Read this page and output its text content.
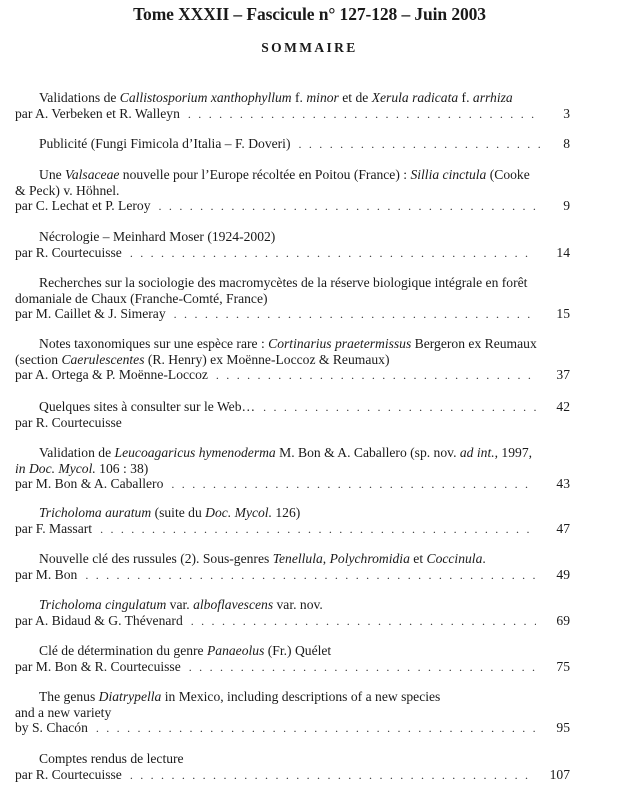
Tome XXXII – Fascicule n° 127-128 – Juin 2003
SOMMAIRE
Validations de Callistosporium xanthophyllum f. minor et de Xerula radicata f. arrhiza
par A. Verbeken et R. Walleyn . . .	3
Publicité (Fungi Fimicola d’Italia – F. Doveri) . . .	8
Une Valsaceae nouvelle pour l’Europe récoltée en Poitou (France) : Sillia cinctula (Cooke
& Peck) v. Höhnel.
par C. Lechat et P. Leroy . . .	9
Nécrologie – Meinhard Moser (1924-2002)
par R. Courtecuisse . . .	14
Recherches sur la sociologie des macromycètes de la réserve biologique intégrale en forêt
domaniale de Chaux (Franche-Comté, France)
par M. Caillet & J. Simeray . . .	15
Notes taxonomiques sur une espèce rare : Cortinarius praetermissus Bergeron ex Reumaux
(section Caerulescentes (R. Henry) ex Moënne-Loccoz & Reumaux)
par A. Ortega & P. Moënne-Loccoz . . .	37
Quelques sites à consulter sur le Web… . . .	42
par R. Courtecuisse
Validation de Leucoagaricus hymenoderma M. Bon & A. Caballero (sp. nov. ad int., 1997,
in Doc. Mycol. 106 : 38)
par M. Bon & A. Caballero . . .	43
Tricholoma auratum (suite du Doc. Mycol. 126)
par F. Massart . . .	47
Nouvelle clé des russules (2). Sous-genres Tenellula, Polychromidia et Coccinula.
par M. Bon . . .	49
Tricholoma cingulatum var. alboflavescens var. nov.
par A. Bidaud & G. Thévenard . . .	69
Clé de détermination du genre Panaeolus (Fr.) Quélet
par M. Bon & R. Courtecuisse . . .	75
The genus Diatrypella in Mexico, including descriptions of a new species
and a new variety
by S. Chacón . . .	95
Comptes rendus de lecture
par R. Courtecuisse . . .	107
